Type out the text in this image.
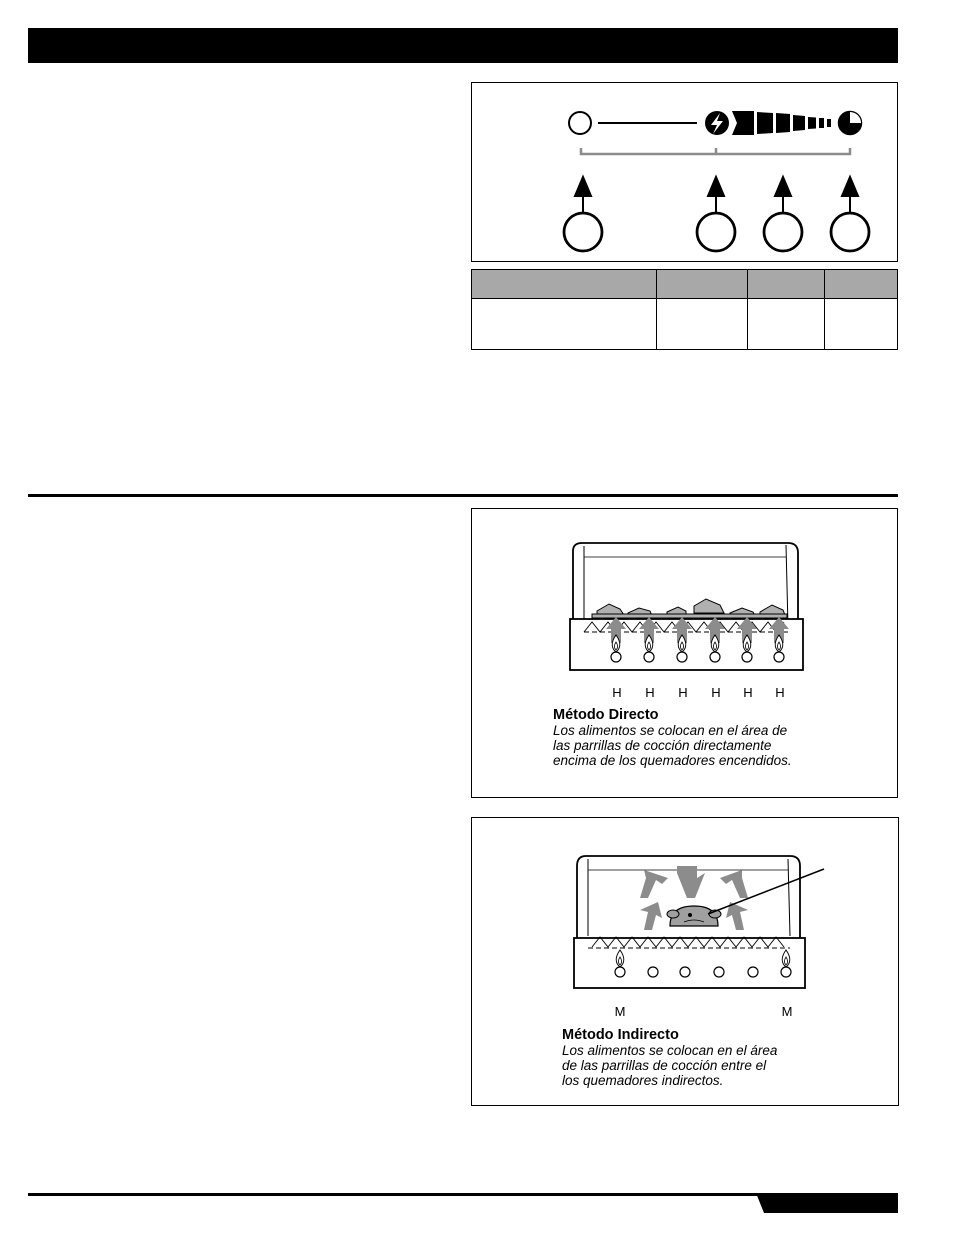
H H H H H H
Método Directo
Los alimentos se colocan en el área de
las parrillas de cocción directamente
encima de los quemadores encendidos.
M	M
Método Indirecto
Los alimentos se colocan en el área
de las parrillas de cocción entre el
los quemadores indirectos.
